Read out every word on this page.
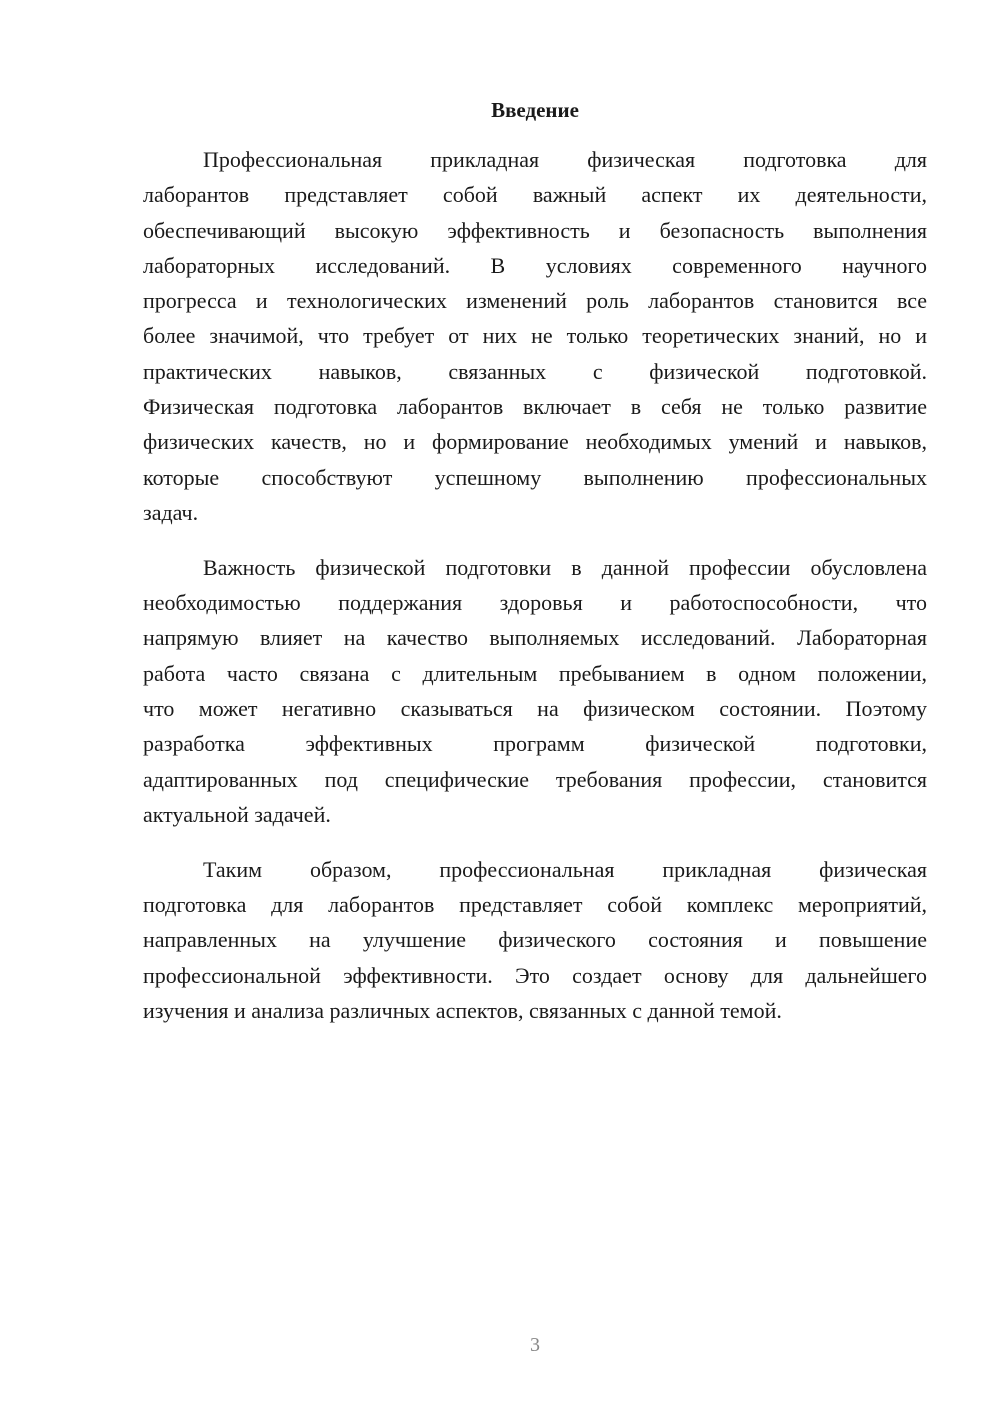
Введение
Профессиональная прикладная физическая подготовка для
лаборантов представляет собой важный аспект их деятельности,
обеспечивающий высокую эффективность и безопасность выполнения
лабораторных исследований. В условиях современного научного
прогресса и технологических изменений роль лаборантов становится все
более значимой, что требует от них не только теоретических знаний, но и
практических навыков, связанных с физической подготовкой.
Физическая подготовка лаборантов включает в себя не только развитие
физических качеств, но и формирование необходимых умений и навыков,
которые способствуют успешному выполнению профессиональных
задач.
Важность физической подготовки в данной профессии обусловлена
необходимостью поддержания здоровья и работоспособности, что
напрямую влияет на качество выполняемых исследований. Лабораторная
работа часто связана с длительным пребыванием в одном положении,
что может негативно сказываться на физическом состоянии. Поэтому
разработка эффективных программ физической подготовки,
адаптированных под специфические требования профессии, становится
актуальной задачей.
Таким образом, профессиональная прикладная физическая
подготовка для лаборантов представляет собой комплекс мероприятий,
направленных на улучшение физического состояния и повышение
профессиональной эффективности. Это создает основу для дальнейшего
изучения и анализа различных аспектов, связанных с данной темой.
3
